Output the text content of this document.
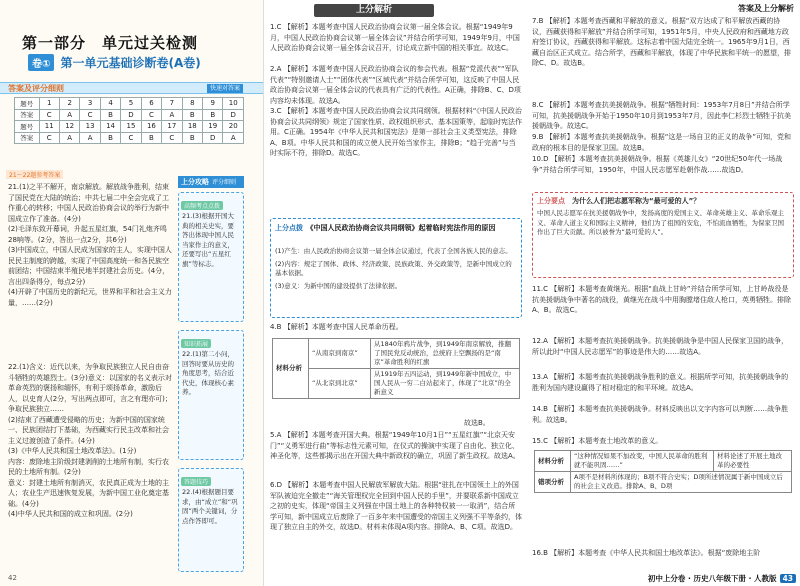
第一部分　单元过关检测
卷① 第一单元基础诊断卷(A卷)
答案及评分细则	快速对答案
题号	1	2	3	4	5	6	7	8	9	10
答案	C	A	C	B	D	C	A	B	B	D
题号	11	12	13	14	15	16	17	18	19	20
答案	C	A	A	B	C	B	C	B	D	A
21～22题参考答案
上分攻略 评分细则
21.(1)之平不解开，南京解放。解放战争胜利，结束了国民党在大陆的统治；中共七届二中全会完成了工作重心的转移；中国人民政治协商会议的举行为新中国成立作了准备。(4分)
(2)毛泽东致开幕词，升起五星红旗，54门礼炮齐鸣28响等。(2分，答出一点2分，共6分)
(3)中国成立，中国人民成为国家的主人，实现中国人民民主制度的跨越，实现了中国高度统一和各民族空前团结；中国结束半殖民地半封建社会历史。(4分，言出四条得分，每点2分)
(4)开辟了中国历史的新纪元，世界和平和社会主义力量，……(2分)
22.(1)含义：近代以来，为争取民族独立人民自由奋斗牺牲的英雄烈士。(3分)意义：以国家的名义表示对革命英烈的褒扬和缅怀，有利于颂扬革命，激励后人，以史育人(2分，写出两点即可，言之有理亦可)；争取民族独立……
(2)结束了西藏遭受侵略的历史；为新中国的国家统一、民族团结打下基础，为西藏实行民主改革和社会主义过渡创造了条件。(4分)
(3)《中华人民共和国土地改革法》。(1分)
内容：废除地主阶级封建剥削的土地所有制，实行农民的土地所有制。(2分)
意义：封建土地所有制消灭，农民真正成为土地的主人；农业生产迅速恢复发展，为新中国工业化奠定基础。(4分)
(4)中华人民共和国的成立和巩固。(2分)
高频考点点拨
21.(3)根据开国大典的相关史实，要答出体现中国人民当家作主的意义，还要写出“五星红旗”等标志。
知识拓展
22.(1)第二小问，回答时要从历史的角度思考，结合近代史，体现核心素养。
答题技巧
22.(4)根据题目要求，由“成立”和“巩固”两个关键词，分点作答即可。
42
上分解析
1.C 【解析】本题考查中国人民政治协商会议第一届全体会议。根据“1949年9月，中国人民政治协商会议第一届全体会议”并结合所学可知，1949年9月，中国人民政治协商会议第一届全体会议召开，讨论成立新中国的相关事宜。故选C。
2.A 【解析】本题考查中国人民政治协商会议的参会代表。根据“党派代表”“军队代表”“特别邀请人士”“团体代表”“区域代表”并结合所学可知，这反映了中国人民政治协商会议第一届全体会议的代表具有广泛的代表性。A正确，排除B、C、D项内容均未体现。故选A。
3.C 【解析】本题考查中国人民政治协商会议共同纲领。根据材料“《中国人民政治协商会议共同纲领》规定了国家性质、政权组织形式、基本国策等，起临时宪法作用。C正确。1954年《中华人民共和国宪法》是第一部社会主义类型宪法，排除A、B项。中华人民共和国的成立使人民开始当家作主，排除B；“趋于完善”与当时实际不符，排除D。故选C。
上分点拨　 《中国人民政治协商会议共同纲领》起着临时宪法作用的原因
(1)产生：由人民政治协商会议第一届全体会议通过，代表了全国各族人民的意志。
(2)内容：规定了国体、政体、经济政策、民族政策、外交政策等，是新中国成立的基本依据。
(3)意义：为新中国的建设提供了法律依据。
4.B 【解析】本题考查中国人民革命历程。
材料分析	“从南京到南京”	从1840年鸦片战争，到1949年南京解放，推翻了国民党反动统治，总统府上空飘扬的是“南京”革命胜利的红旗
	“从北京到北京”	从1919年五四运动，到1949年新中国成立，中国人民从一穷二白站起来了，体现了“北京”的全新意义
故选B。
5.A 【解析】本题考查开国大典。根据“1949年10月1日”“五星红旗”“北京天安门”“义勇军进行曲”等标志性元素可知，在仪式的操演中实现了自由化、独立化、神圣化等，这些都揭示出在开国大典中新政权的确立，巩固了新生政权。故选A。
6.D 【解析】本题考查中国人民解放军解放大陆。根据“驻扎在中国领土上的外国军队被迫完全撤走”“海关管理权完全回到中国人民的手里”，并要联系新中国成立之初的史实，体现“帝国主义列强在中国土地上的各种特权被一一取消”，结合所学可知，新中国成立后废除了一百多年来中国遭受的帝国主义列强不平等条约，体现了独立自主的外交，故选D。材料未体现A项内容。排除A、B、C项。故选D。
答案及上分解析
7.B 【解析】本题考查西藏和平解放的意义。根据“双方达成了和平解放西藏的协议，西藏获得和平解放”并结合所学可知，1951年5月，中央人民政府和西藏地方政府签订协议，西藏获得和平解放。这标志着中国大陆完全统一。1965年9月1日，西藏自治区正式成立。结合所学，西藏和平解放，体现了中华民族和平统一的愿望，排除C、D。故选B。
8.C 【解析】本题考查抗美援朝战争。根据“牺牲时间：1953年7月8日”并结合所学可知，抗美援朝战争开始于1950年10月到1953年7月，因此李仁杉烈士牺牲于抗美援朝战争。故选C。
9.B 【解析】本题考查抗美援朝战争。根据“这是一场自卫的正义的战争”可知，党和政府的根本目的是保家卫国。故选B。
10.D 【解析】本题考查抗美援朝战争。根据《英雄儿女》“20世纪50年代一场战争”并结合所学可知，1950年，中国人民志愿军赴朝作战……故选D。
上分要点　 为什么人们把志愿军称为“最可爱的人”？
中国人民志愿军在抗美援朝战争中，发扬高度的爱国主义、革命英雄主义、革命乐观主义、革命人道主义和国际主义精神，他们为了祖国的安危，不怕流血牺牲，为保家卫国作出了巨大贡献。所以被誉为“最可爱的人”。
11.C 【解析】本题考查黄继光。根据“血战上甘岭”并结合所学可知，上甘岭战役是抗美援朝战争中著名的战役，黄继光在战斗中用胸膛堵住敌人枪口，英勇牺牲。排除A、B。故选C。
12.A 【解析】本题考查抗美援朝战争。抗美援朝战争是中国人民保家卫国的战争，所以此时“中国人民志愿军”的事迹是伟大的……故选A。
13.A 【解析】本题考查抗美援朝战争胜利的意义。根据所学可知，抗美援朝战争的胜利为国内建设赢得了相对稳定的和平环境。故选A。
14.B 【解析】本题考查抗美援朝战争。材料反映出以文字内容可以判断……战争胜利。故选B。
15.C 【解析】本题考查土地改革的意义。
材料分析	“这种情况如果不加改变，中国人民革命的胜利就不能巩固……”	材料论述了开展土地改革的必要性
错项分析	A项不是材料所体现的；B项不符合史实；D项所述情况属于新中国成立后的社会主义改造。排除A、B、D项	
16.B 【解析】本题考查《中华人民共和国土地改革法》。根据“废除地主阶
初中上分卷 · 历史八年级下册 · 人教版 43
